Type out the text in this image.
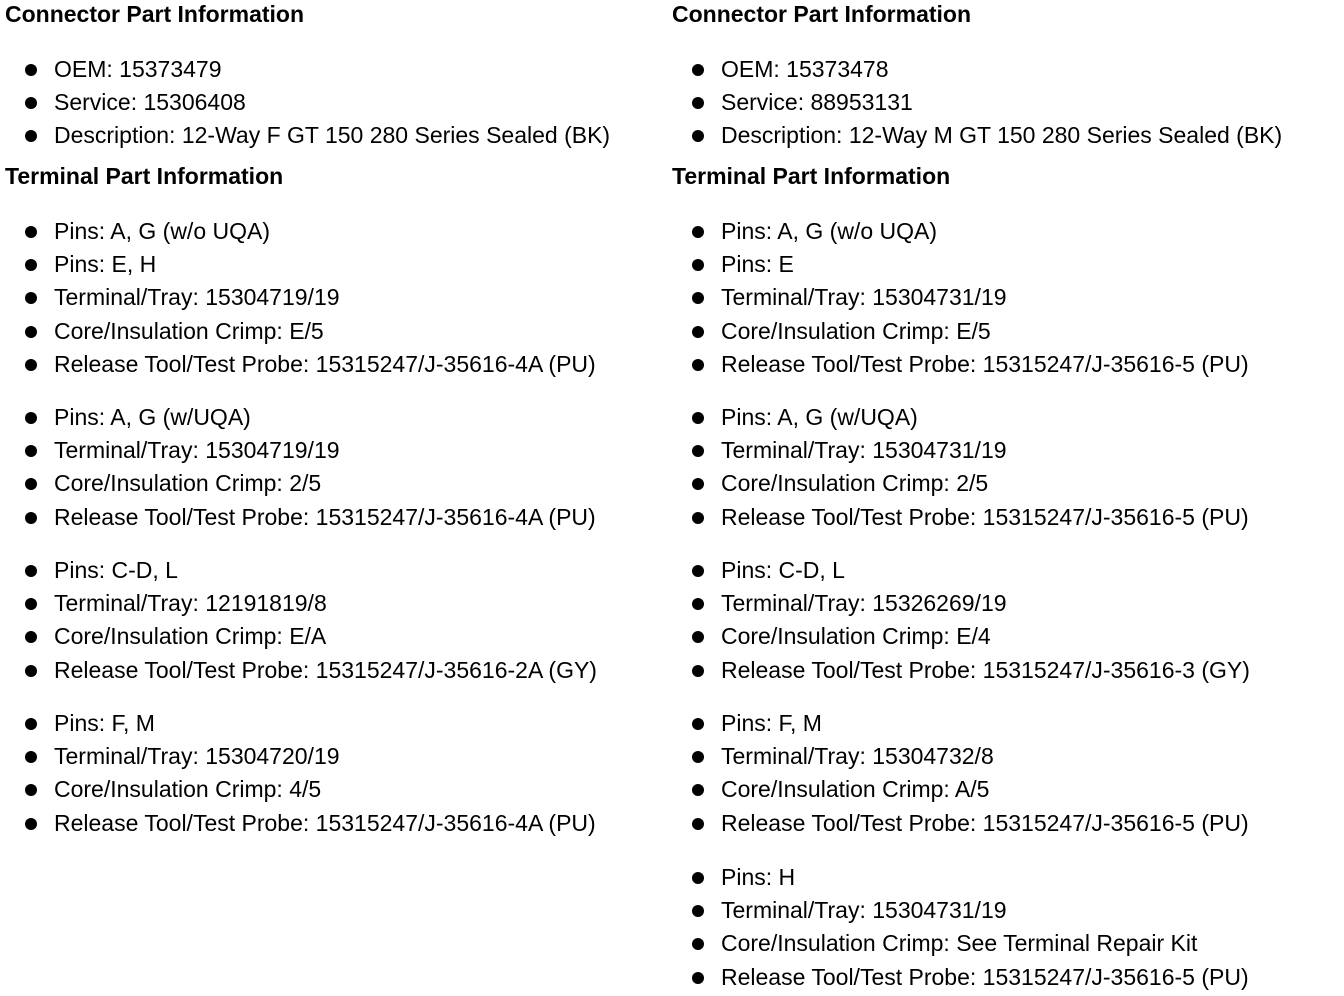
Connector Part Information
OEM: 15373479
Service: 15306408
Description: 12-Way F GT 150 280 Series Sealed (BK)
Terminal Part Information
Pins: A, G (w/o UQA)
Pins: E, H
Terminal/Tray: 15304719/19
Core/Insulation Crimp: E/5
Release Tool/Test Probe: 15315247/J-35616-4A (PU)
Pins: A, G (w/UQA)
Terminal/Tray: 15304719/19
Core/Insulation Crimp: 2/5
Release Tool/Test Probe: 15315247/J-35616-4A (PU)
Pins: C-D, L
Terminal/Tray: 12191819/8
Core/Insulation Crimp: E/A
Release Tool/Test Probe: 15315247/J-35616-2A (GY)
Pins: F, M
Terminal/Tray: 15304720/19
Core/Insulation Crimp: 4/5
Release Tool/Test Probe: 15315247/J-35616-4A (PU)
Connector Part Information
OEM: 15373478
Service: 88953131
Description: 12-Way M GT 150 280 Series Sealed (BK)
Terminal Part Information
Pins: A, G (w/o UQA)
Pins: E
Terminal/Tray: 15304731/19
Core/Insulation Crimp: E/5
Release Tool/Test Probe: 15315247/J-35616-5 (PU)
Pins: A, G (w/UQA)
Terminal/Tray: 15304731/19
Core/Insulation Crimp: 2/5
Release Tool/Test Probe: 15315247/J-35616-5 (PU)
Pins: C-D, L
Terminal/Tray: 15326269/19
Core/Insulation Crimp: E/4
Release Tool/Test Probe: 15315247/J-35616-3 (GY)
Pins: F, M
Terminal/Tray: 15304732/8
Core/Insulation Crimp: A/5
Release Tool/Test Probe: 15315247/J-35616-5 (PU)
Pins: H
Terminal/Tray: 15304731/19
Core/Insulation Crimp: See Terminal Repair Kit
Release Tool/Test Probe: 15315247/J-35616-5 (PU)
